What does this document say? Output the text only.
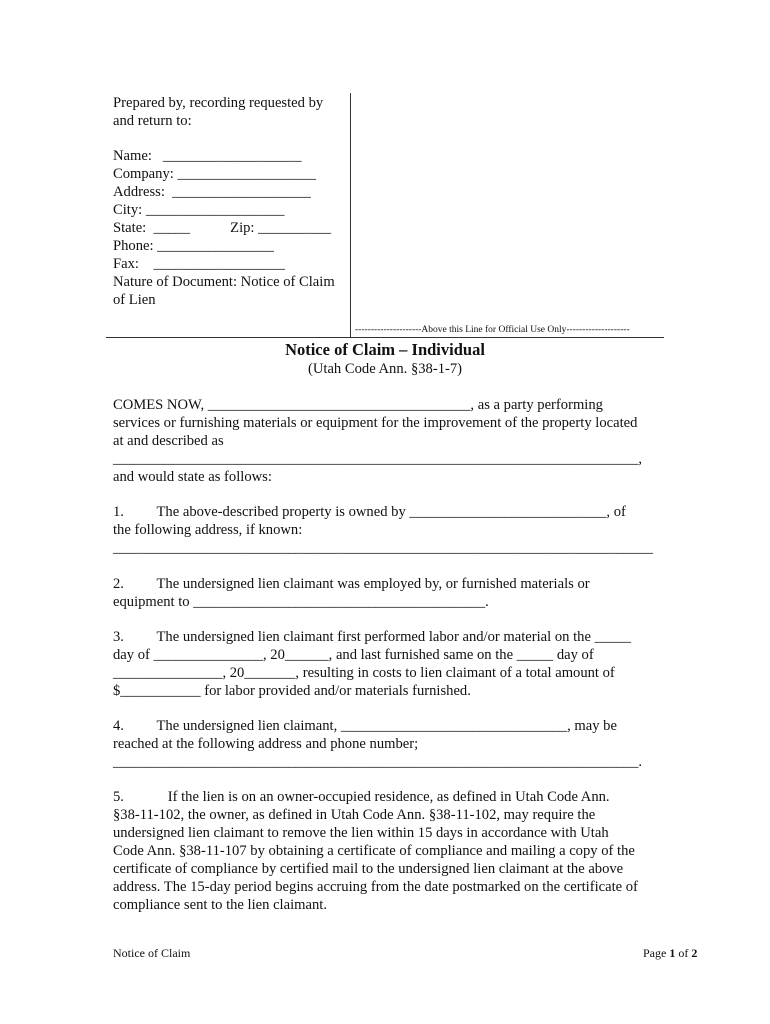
Prepared by, recording requested by
and return to:
Name:   ___________________
Company: ___________________
Address:  ___________________
City: ___________________
State:  _____           Zip: __________
Phone: ________________
Fax:    __________________
Nature of Document: Notice of Claim
of Lien
---------------------Above this Line for Official Use Only--------------------
Notice of Claim – Individual
(Utah Code Ann. §38-1-7)
COMES NOW, ____________________________________, as a party performing
services or furnishing materials or equipment for the improvement of the property located
at and described as
________________________________________________________________________,
and would state as follows:
1.         The above-described property is owned by ___________________________, of
the following address, if known:
__________________________________________________________________________
2.         The undersigned lien claimant was employed by, or furnished materials or
equipment to ________________________________________.
3.         The undersigned lien claimant first performed labor and/or material on the _____
day of _______________, 20______, and last furnished same on the _____ day of
_______________, 20_______, resulting in costs to lien claimant of a total amount of
$___________ for labor provided and/or materials furnished.
4.         The undersigned lien claimant, _______________________________, may be
reached at the following address and phone number;
________________________________________________________________________.
5.            If the lien is on an owner-occupied residence, as defined in Utah Code Ann.
§38-11-102, the owner, as defined in Utah Code Ann. §38-11-102, may require the
undersigned lien claimant to remove the lien within 15 days in accordance with Utah
Code Ann. §38-11-107 by obtaining a certificate of compliance and mailing a copy of the
certificate of compliance by certified mail to the undersigned lien claimant at the above
address. The 15-day period begins accruing from the date postmarked on the certificate of
compliance sent to the lien claimant.
Notice of Claim	Page 1 of 2
